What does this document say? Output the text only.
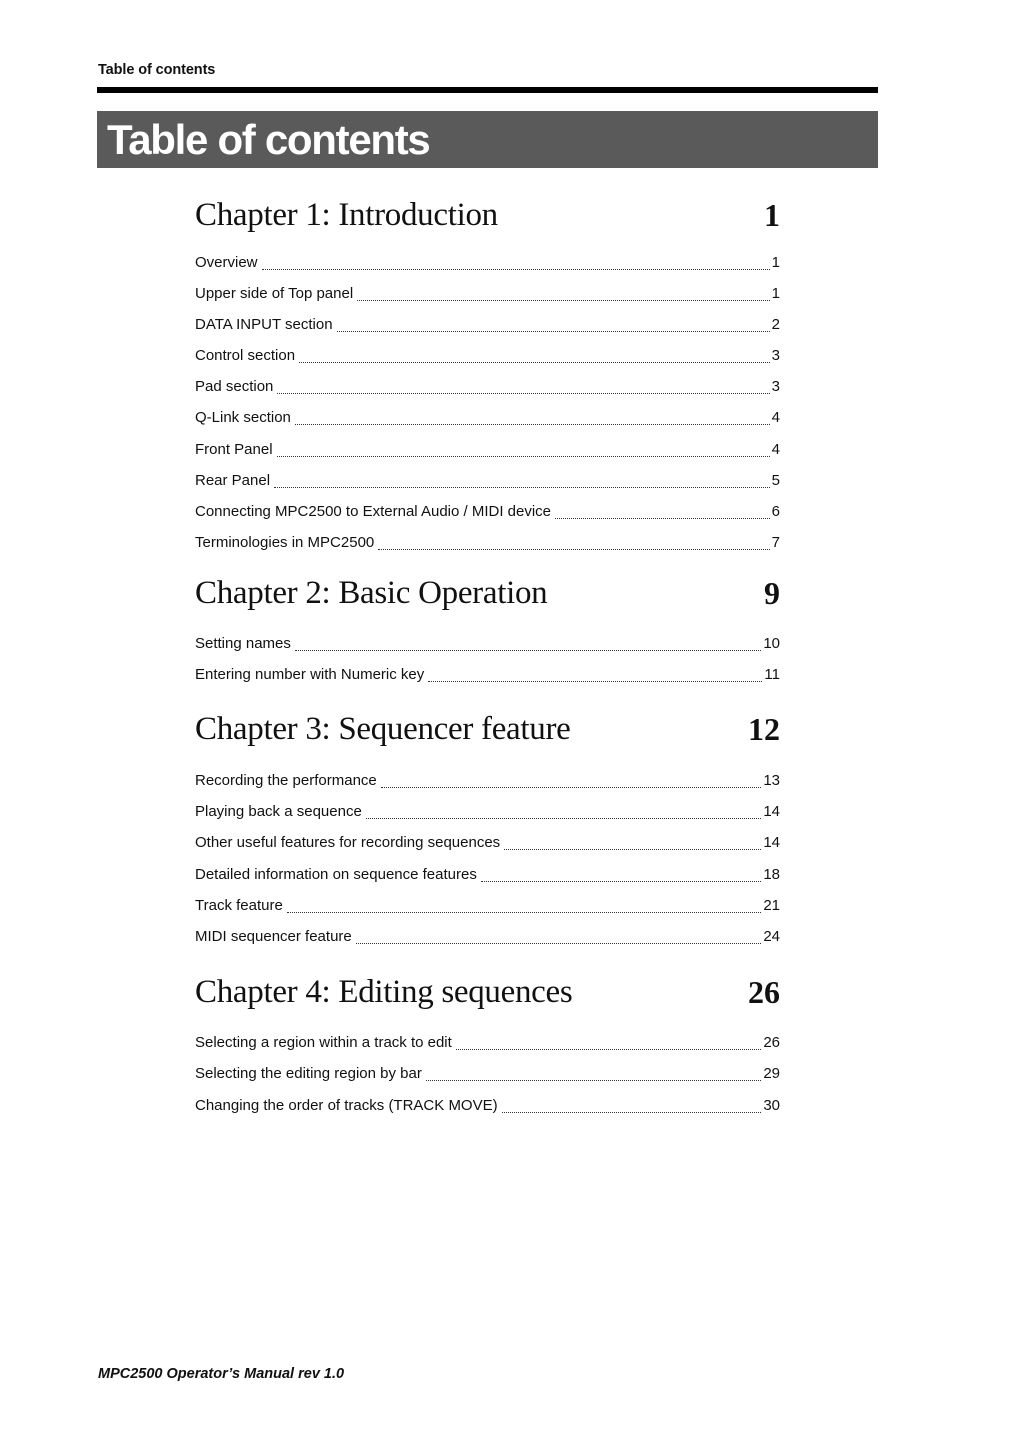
Table of contents
Table of contents
Chapter 1: Introduction	1
Overview	1
Upper side of Top panel	1
DATA INPUT section	2
Control section	3
Pad section	3
Q-Link section	4
Front Panel	4
Rear Panel	5
Connecting MPC2500 to External Audio / MIDI device	6
Terminologies in MPC2500	7
Chapter 2: Basic Operation	9
Setting names	10
Entering number with Numeric key	11
Chapter 3: Sequencer feature	12
Recording the performance	13
Playing back a sequence	14
Other useful features for recording sequences	14
Detailed information on sequence features	18
Track feature	21
MIDI sequencer feature	24
Chapter 4: Editing sequences	26
Selecting a region within a track to edit	26
Selecting the editing region by bar	29
Changing the order of tracks (TRACK MOVE)	30
MPC2500 Operator’s Manual rev 1.0
